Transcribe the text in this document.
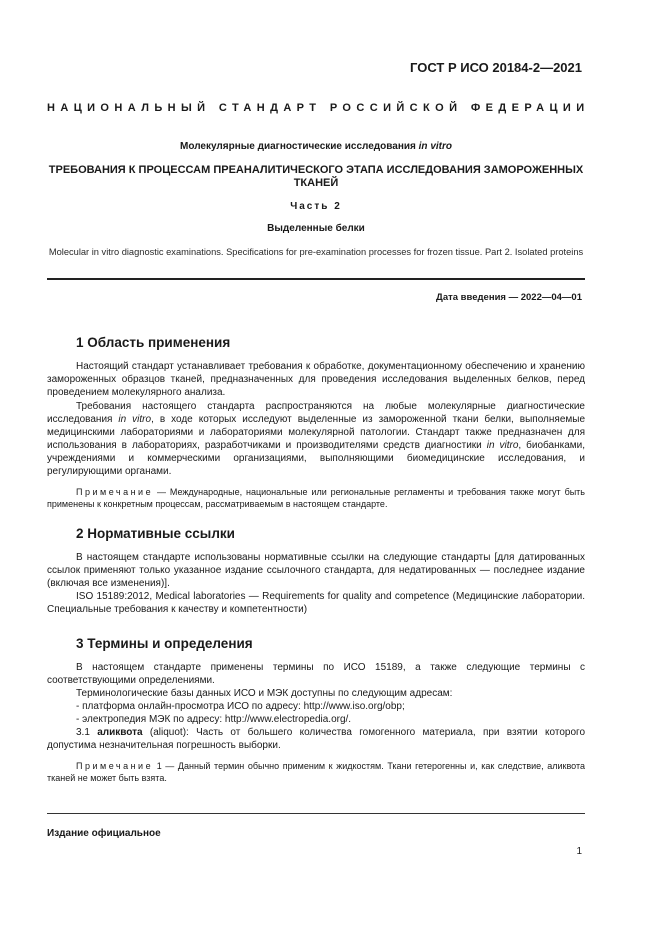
ГОСТ Р ИСО 20184-2—2021
НАЦИОНАЛЬНЫЙ СТАНДАРТ РОССИЙСКОЙ ФЕДЕРАЦИИ
Молекулярные диагностические исследования in vitro
ТРЕБОВАНИЯ К ПРОЦЕССАМ ПРЕАНАЛИТИЧЕСКОГО ЭТАПА ИССЛЕДОВАНИЯ ЗАМОРОЖЕННЫХ ТКАНЕЙ
Часть 2
Выделенные белки
Molecular in vitro diagnostic examinations. Specifications for pre-examination processes for frozen tissue. Part 2. Isolated proteins
Дата введения — 2022—04—01
1 Область применения
Настоящий стандарт устанавливает требования к обработке, документационному обеспечению и хранению замороженных образцов тканей, предназначенных для проведения исследования выделенных белков, перед проведением молекулярного анализа.
Требования настоящего стандарта распространяются на любые молекулярные диагностические исследования in vitro, в ходе которых исследуют выделенные из замороженной ткани белки, выполняемые медицинскими лабораториями и лабораториями молекулярной патологии. Стандарт также предназначен для использования в лабораториях, разработчиками и производителями средств диагностики in vitro, биобанками, учреждениями и коммерческими организациями, выполняющими биомедицинские исследования, и регулирующими органами.
Примечание — Международные, национальные или региональные регламенты и требования также могут быть применены к конкретным процессам, рассматриваемым в настоящем стандарте.
2 Нормативные ссылки
В настоящем стандарте использованы нормативные ссылки на следующие стандарты [для датированных ссылок применяют только указанное издание ссылочного стандарта, для недатированных — последнее издание (включая все изменения)].
ISO 15189:2012, Medical laboratories — Requirements for quality and competence (Медицинские лаборатории. Специальные требования к качеству и компетентности)
3 Термины и определения
В настоящем стандарте применены термины по ИСО 15189, а также следующие термины с соответствующими определениями.
Терминологические базы данных ИСО и МЭК доступны по следующим адресам:
- платформа онлайн-просмотра ИСО по адресу: http://www.iso.org/obp;
- электропедия МЭК по адресу: http://www.electropedia.org/.
3.1 аликвота (aliquot): Часть от большего количества гомогенного материала, при взятии которого допустима незначительная погрешность выборки.
Примечание 1 — Данный термин обычно применим к жидкостям. Ткани гетерогенны и, как следствие, аликвота тканей не может быть взята.
Издание официальное
1
